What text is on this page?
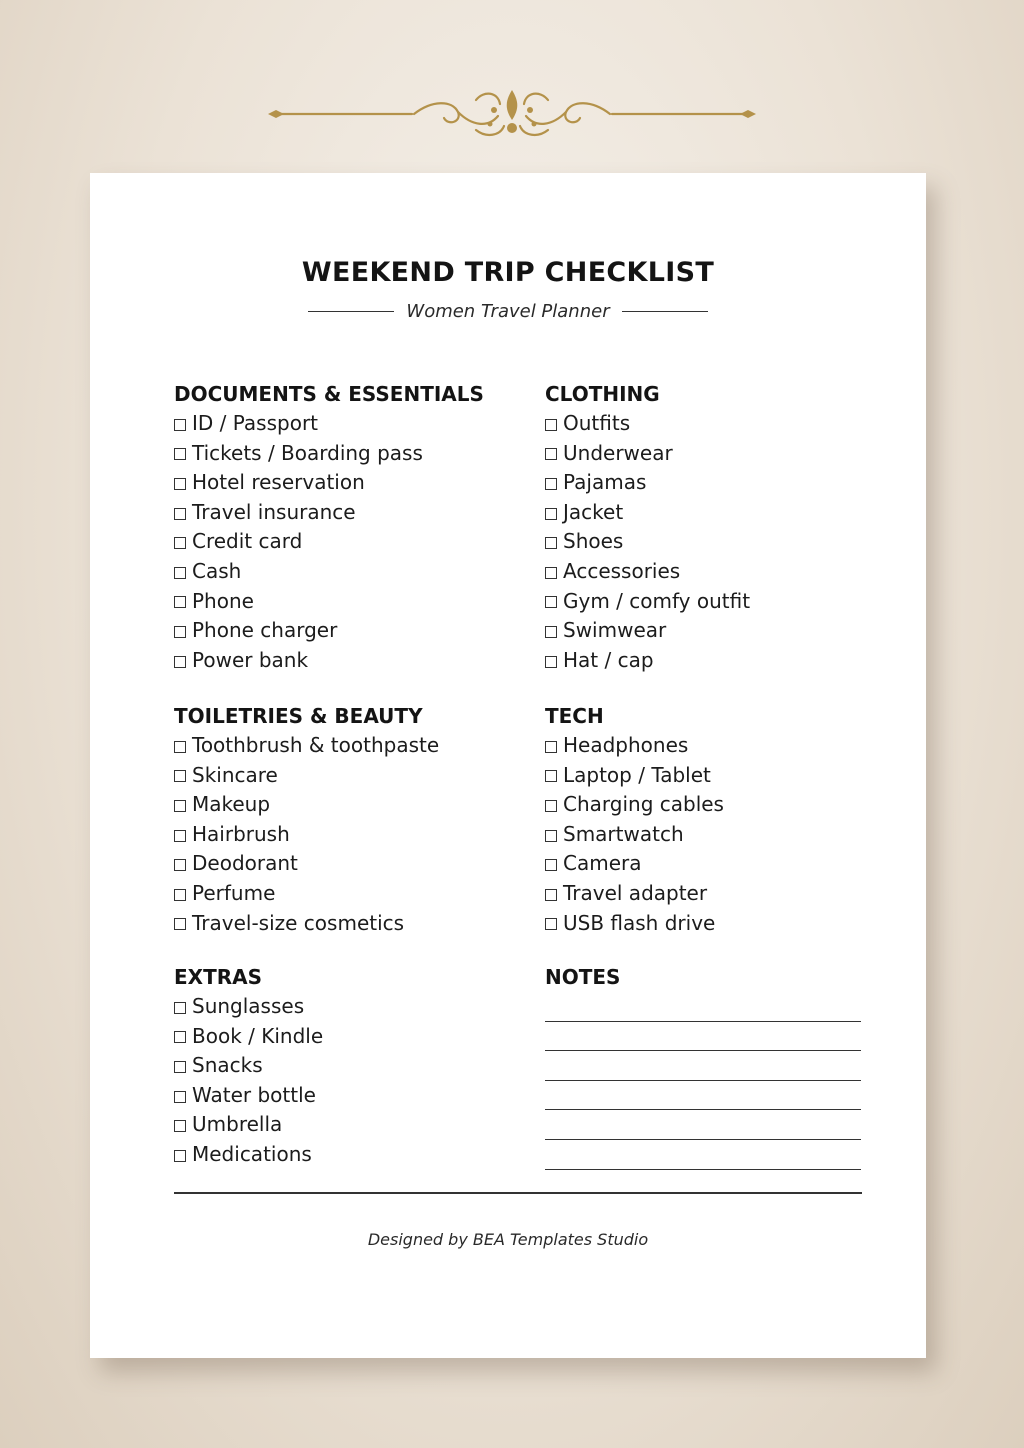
WEEKEND TRIP CHECKLIST
Women Travel Planner
DOCUMENTS & ESSENTIALS
ID / Passport
Tickets / Boarding pass
Hotel reservation
Travel insurance
Credit card
Cash
Phone
Phone charger
Power bank
CLOTHING
Outfits
Underwear
Pajamas
Jacket
Shoes
Accessories
Gym / comfy outfit
Swimwear
Hat / cap
TOILETRIES & BEAUTY
Toothbrush & toothpaste
Skincare
Makeup
Hairbrush
Deodorant
Perfume
Travel-size cosmetics
TECH
Headphones
Laptop / Tablet
Charging cables
Smartwatch
Camera
Travel adapter
USB flash drive
EXTRAS
Sunglasses
Book / Kindle
Snacks
Water bottle
Umbrella
Medications
NOTES
Designed by BEA Templates Studio
